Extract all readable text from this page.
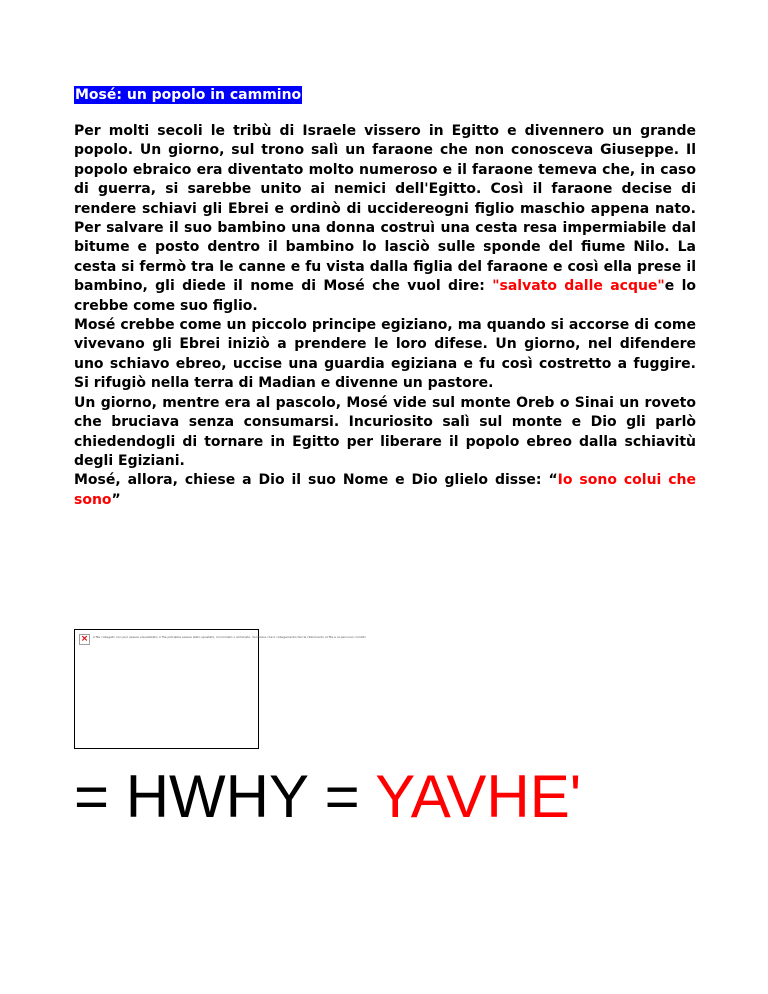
Mosé: un popolo in cammino

Per molti secoli le tribù di Israele vissero in Egitto e divennero un grande popolo. Un giorno, sul trono salì un faraone che non conosceva Giuseppe. Il popolo ebraico era diventato molto numeroso e il faraone temeva che, in caso di guerra, si sarebbe unito ai nemici dell'Egitto. Così il faraone decise di rendere schiavi gli Ebrei e ordinò di uccidereogni figlio maschio appena nato. Per salvare il suo bambino una donna costruì una cesta resa impermiabile dal bitume e posto dentro il bambino lo lasciò sulle sponde del fiume Nilo. La cesta si fermò tra le canne e fu vista dalla figlia del faraone e così ella prese il bambino, gli diede il nome di Mosé che vuol dire: "salvato dalle acque"e lo crebbe come suo figlio.

Mosé crebbe come un piccolo principe egiziano, ma quando si accorse di come vivevano gli Ebrei iniziò a prendere le loro difese. Un giorno, nel difendere uno schiavo ebreo, uccise una guardia egiziana e fu così costretto a fuggire. Si rifugiò nella terra di Madian e divenne un pastore.

Un giorno, mentre era al pascolo, Mosé vide sul monte Oreb o Sinai un roveto che bruciava senza consumarsi. Incuriosito salì sul monte e Dio gli parlò chiedendogli di tornare in Egitto per liberare il popolo ebreo dalla schiavitù degli Egiziani.

Mosé, allora, chiese a Dio il suo Nome e Dio glielo disse: “Io sono colui che sono”

×	Il file collegato non può essere visualizzato. Il file potrebbe essere stato spostato, rinominato o eliminato. Verificare che il collegamento faccia riferimento al file e al percorso corretti.
= HWHY = YAVHE'
